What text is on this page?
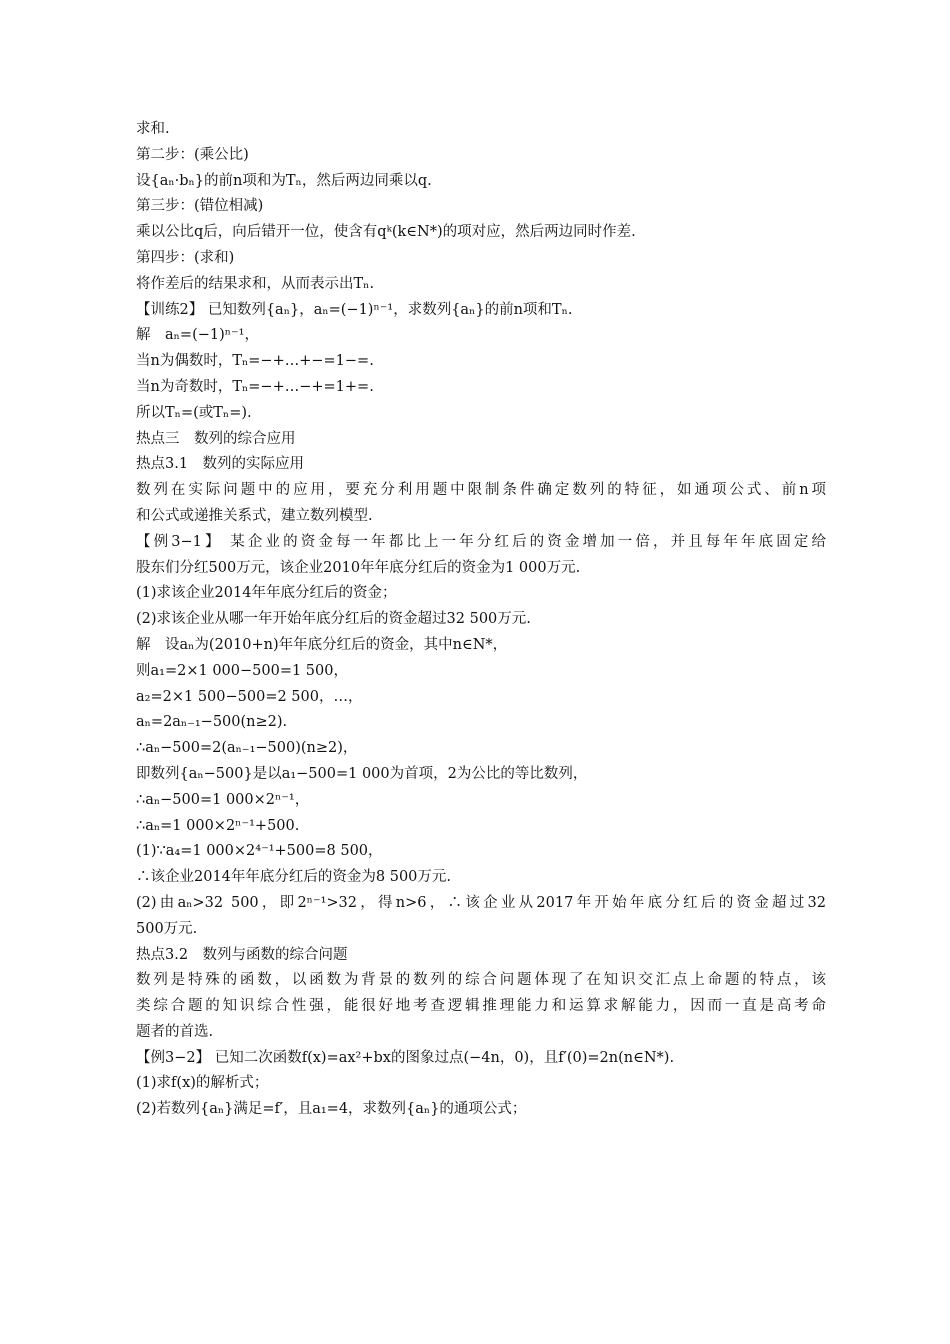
求和.
第二步：(乘公比)
设{aₙ·bₙ}的前n项和为Tₙ，然后两边同乘以q.
第三步：(错位相减)
乘以公比q后，向后错开一位，使含有qᵏ(k∈N*)的项对应，然后两边同时作差.
第四步：(求和)
将作差后的结果求和，从而表示出Tₙ.
【训练2】 已知数列{aₙ}，aₙ=(−1)ⁿ⁻¹，求数列{aₙ}的前n项和Tₙ.
解　aₙ=(−1)ⁿ⁻¹，
当n为偶数时，Tₙ=−+…+−=1−=.
当n为奇数时，Tₙ=−+…−+=1+=.
所以Tₙ=(或Tₙ=).
热点三　数列的综合应用
热点3.1　数列的实际应用
数列在实际问题中的应用，要充分利用题中限制条件确定数列的特征，如通项公式、前n项
和公式或递推关系式，建立数列模型.
【例3−1】 某企业的资金每一年都比上一年分红后的资金增加一倍，并且每年年底固定给
股东们分红500万元，该企业2010年年底分红后的资金为1 000万元.
(1)求该企业2014年年底分红后的资金；
(2)求该企业从哪一年开始年底分红后的资金超过32 500万元.
解　设aₙ为(2010+n)年年底分红后的资金，其中n∈N*，
则a₁=2×1 000−500=1 500，
a₂=2×1 500−500=2 500，…，
aₙ=2aₙ₋₁−500(n≥2).
∴aₙ−500=2(aₙ₋₁−500)(n≥2)，
即数列{aₙ−500}是以a₁−500=1 000为首项，2为公比的等比数列，
∴aₙ−500=1 000×2ⁿ⁻¹，
∴aₙ=1 000×2ⁿ⁻¹+500.
(1)∵a₄=1 000×2⁴⁻¹+500=8 500，
∴该企业2014年年底分红后的资金为8 500万元.
(2)由aₙ>32 500，即2ⁿ⁻¹>32，得n>6，∴该企业从2017年开始年底分红后的资金超过32
500万元.
热点3.2　数列与函数的综合问题
数列是特殊的函数，以函数为背景的数列的综合问题体现了在知识交汇点上命题的特点，该
类综合题的知识综合性强，能很好地考查逻辑推理能力和运算求解能力，因而一直是高考命
题者的首选.
【例3−2】 已知二次函数f(x)=ax²+bx的图象过点(−4n，0)，且f′(0)=2n(n∈N*).
(1)求f(x)的解析式；
(2)若数列{aₙ}满足=f′，且a₁=4，求数列{aₙ}的通项公式；
